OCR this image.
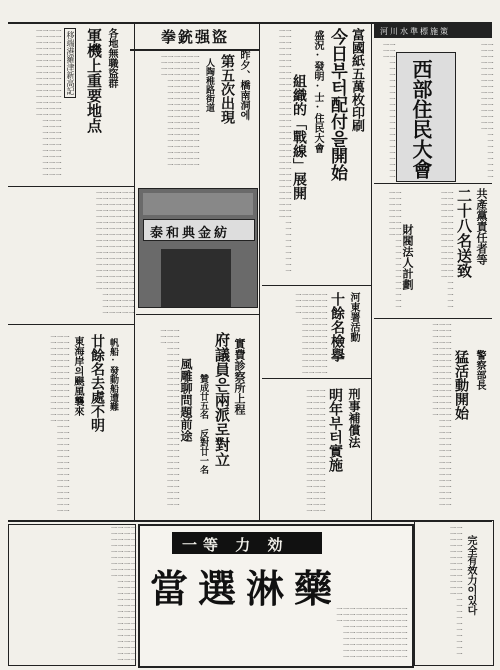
拳銃强盜
昨夕、橋南洞에
第五次出現
人陶稚路街道
一一一一一一一一一一一一一一一一一一一一一一一一一一一一一一一一一一一一一一一一一一一一一一一一一一一一一一一一一一一一一一一一一一一一一一一一一一一一一一一一一一一一一一一一一一一一一一一一一一一
泰和典金紡
各地無職盜群
軍機上重要地点
移端港羅津新高記
一一一一一一一一一一一一一一一一一一一一一一一一一一一一一一一一一一一一一一一一一一一一一一一一一一一一一一一一一一一一一一一一一一一一一一一一一一一一一一一一一一一一一一一一一一
一一一一一一一一一一一一一一一一一一一一一一一一一一一一一一一一一一一一一一一一一一一一一一一一一一一一一一一一一一一一一一一一一一一一一一一一一一一一一一一一一一一一一一一一一一一一一一一一一一一一一一一一一一一一一一一一一一一一一一一一一一
帆船·發動船遭難
廿餘名去處不明
東海岸의颶風襲來
一一一一一一一一一一一一一一一一一一一一一一一一一一一一一一一一一一一一一一一一一一一一一一一一一一一一一一一一一一一一一一一一一一一一一一一一一一一	實費診察所上程
府議員은兩派로對立
贊成廿五名 反對廿一名
風雕聊問題前途
一一一一一一一一一一一一一一一一一一一一一一一一一一一一一一一一一一一一一一一一一一一一一一一一一一一一一一一一一一一一一一一
富國紙五萬枚印刷
今日부터配付을開始
盛況·發明·士·住民大會
組織的「戰線」展開
一一一一一一一一一一一一一一一一一一一一一一一一一一一一一一一一一一一一一一一一一一一一一一一一一一一一一一一一一一一一一一一一一一一一一一一一一
河東署活動
十餘名檢擧
一一一一一一一一一一一一一一一一一一一一一一一一一一一一一一一一一一一一一一一一一一一一一一一一一一一一一一一一一一一一
刑事補償法
明年부터實施
一一一一一一一一一一一一一一一一一一一一一一一一一一一一一一一一一一一一一一一一一一一一一一一一一一一一一一一一一一一一一一一
河川水準標施策
西部住民大會
一一一一一一一一一一一一一一一一一一一一一一一一一一	一一一一一一一一一一一一一一一一一一一一一一一一一一一一一一一一一一一一一一
共產黨責任者等
二十八名送致
財閥法人計劃	一一一一一一一一一一一一一一一一一一一一一一一一一一一一一一一一一一一
一一一一一一一一一一一一一一一一一一一一一一一一一一一一
警察部長
猛活動開始
一一一一一一一一一一一一一一一一一一一一一一一一一一一一一一一一一一一一一一一一一一一一一一一一一一一一一一一一一一一一一一一一一一一一一一一一一一一一一一
一等 力 効
當選淋藥
一一一一一一一一一一一一一一一一一一一一一一一一一一一一一一一一一一一一一一一一一一一一一一一一一一一一一一一一一一一一一一一一一一一一一一一一一一一一一一一一一一一一一一一一一一一一一
一一一一一一一一一一一一一一一一一一一一一一一一一一一一一一一一一一一一一一一一一一一一一一一一一一一一一一一一一一一一一一一一一一一一一一一一一一一一一一	完全有效力이있다
一一一一一一一一一一一一一一一一一一一一一一一一一一一一一一一一一一
